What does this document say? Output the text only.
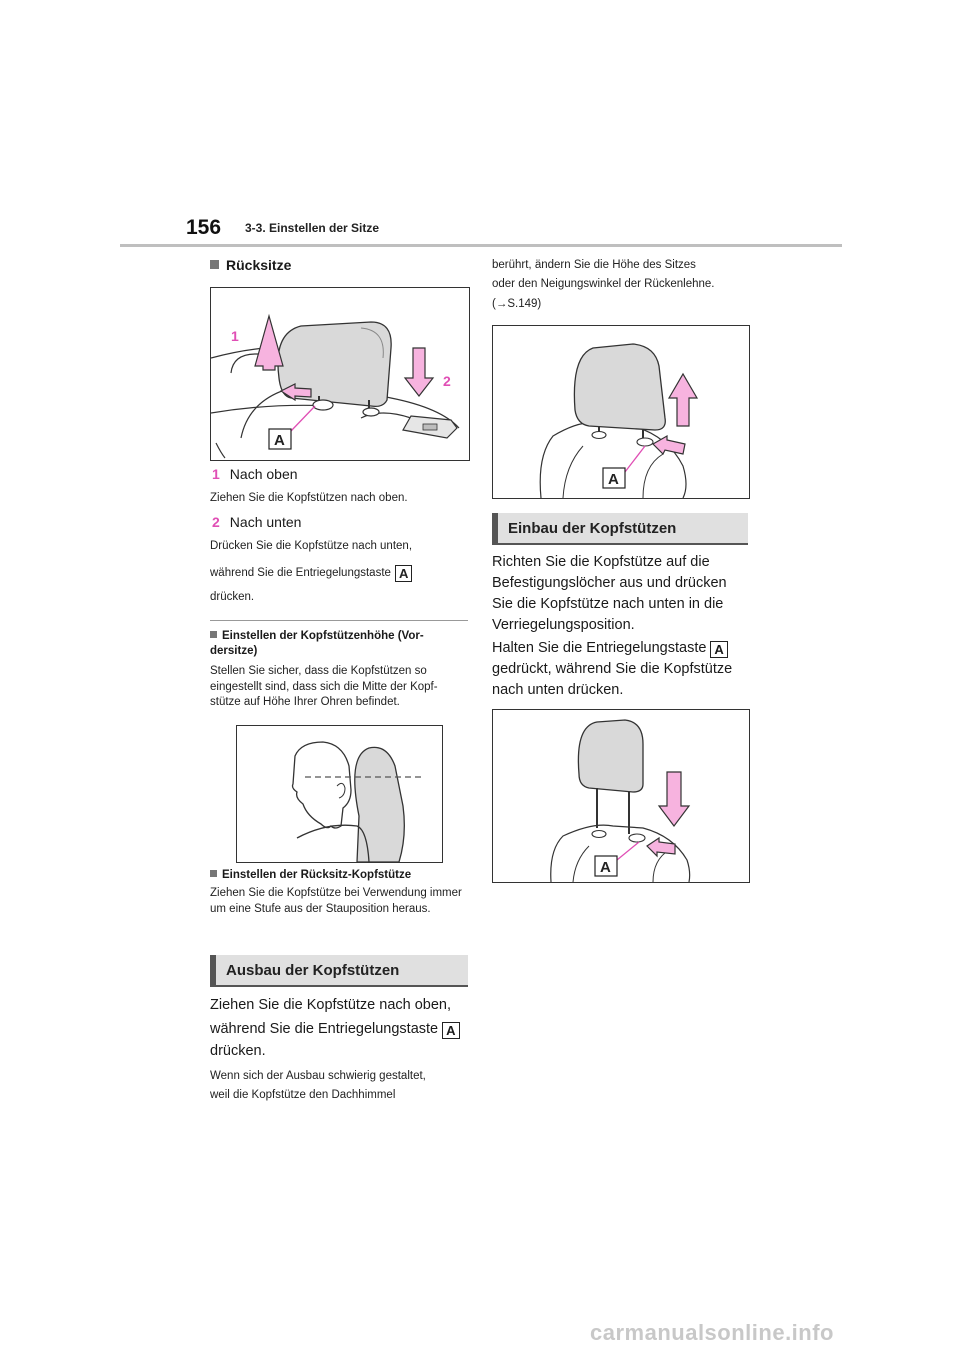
156 3-3. Einstellen der Sitze
Rücksitze
1
2
A
1 Nach oben
Ziehen Sie die Kopfstützen nach oben.
2 Nach unten
Drücken Sie die Kopfstütze nach unten,
während Sie die Entriegelungstaste A
drücken.
Einstellen der Kopfstützenhöhe (Vor-dersitze)
Stellen Sie sicher, dass die Kopfstützen so eingestellt sind, dass sich die Mitte der Kopf-stütze auf Höhe Ihrer Ohren befindet.
Einstellen der Rücksitz-Kopfstütze
Ziehen Sie die Kopfstütze bei Verwendung immer um eine Stufe aus der Stauposition heraus.
Ausbau der Kopfstützen
Ziehen Sie die Kopfstütze nach oben,
während Sie die Entriegelungstaste A
drücken.
Wenn sich der Ausbau schwierig gestaltet,
weil die Kopfstütze den Dachhimmel
berührt, ändern Sie die Höhe des Sitzes
oder den Neigungswinkel der Rückenlehne.
(→S.149)
A
Einbau der Kopfstützen
Richten Sie die Kopfstütze auf die Befestigungslöcher aus und drücken Sie die Kopfstütze nach unten in die Verriegelungsposition.
Halten Sie die Entriegelungstaste A gedrückt, während Sie die Kopfstütze nach unten drücken.
A
carmanualsonline.info
